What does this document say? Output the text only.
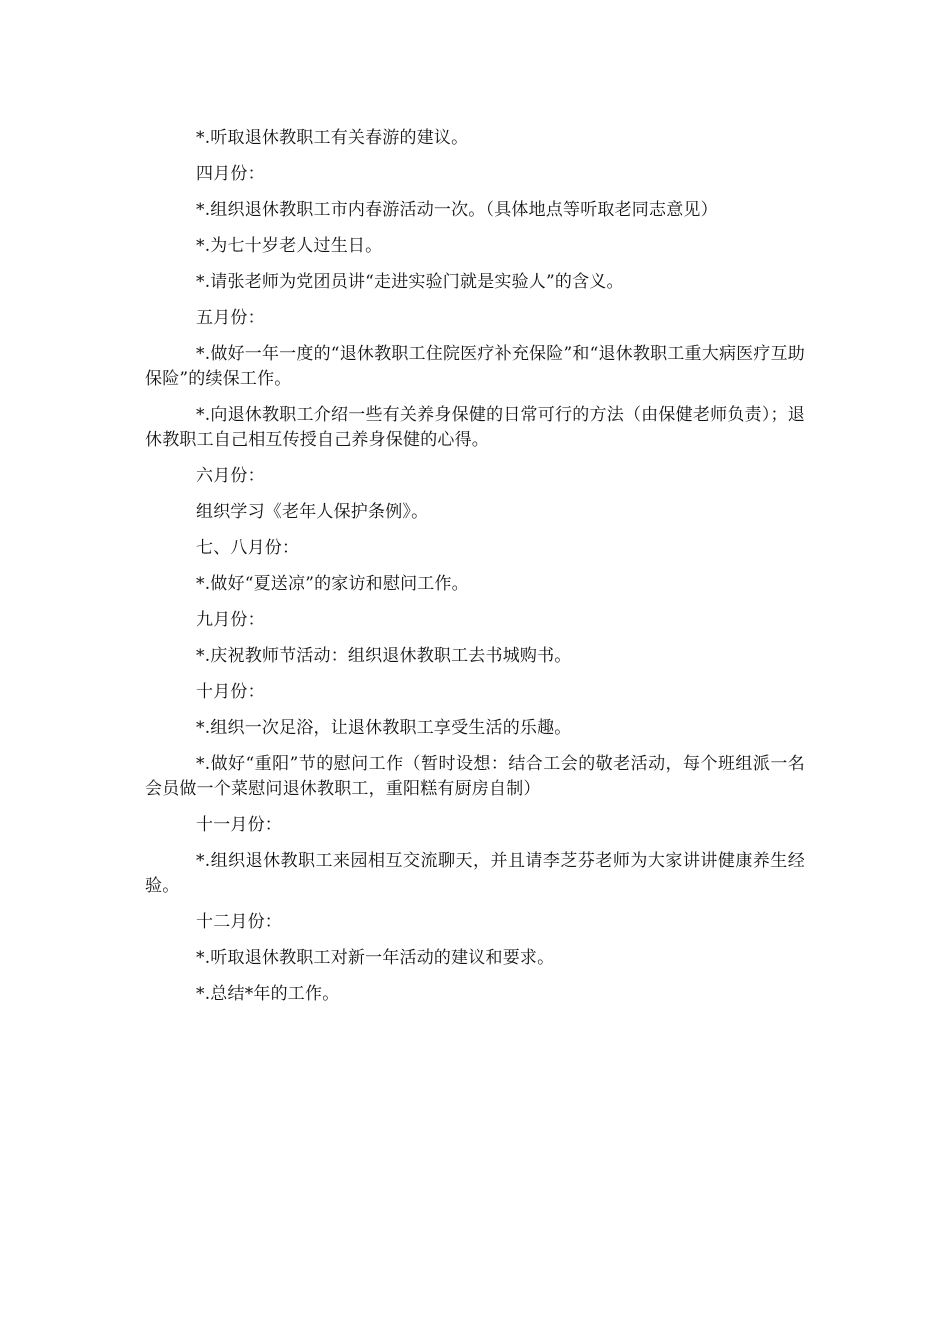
*.听取退休教职工有关春游的建议。

四月份：

*.组织退休教职工市内春游活动一次。（具体地点等听取老同志意见）

*.为七十岁老人过生日。

*.请张老师为党团员讲“走进实验门就是实验人”的含义。

五月份：

*.做好一年一度的“退休教职工住院医疗补充保险”和“退休教职工重大病医疗互助保险”的续保工作。

*.向退休教职工介绍一些有关养身保健的日常可行的方法（由保健老师负责）；退休教职工自己相互传授自己养身保健的心得。

六月份：

组织学习《老年人保护条例》。

七、八月份：

*.做好“夏送凉”的家访和慰问工作。

九月份：

*.庆祝教师节活动：组织退休教职工去书城购书。

十月份：

*.组织一次足浴，让退休教职工享受生活的乐趣。

*.做好“重阳”节的慰问工作（暂时设想：结合工会的敬老活动，每个班组派一名会员做一个菜慰问退休教职工，重阳糕有厨房自制）

十一月份：

*.组织退休教职工来园相互交流聊天，并且请李芝芬老师为大家讲讲健康养生经验。

十二月份：

*.听取退休教职工对新一年活动的建议和要求。

*.总结*年的工作。
